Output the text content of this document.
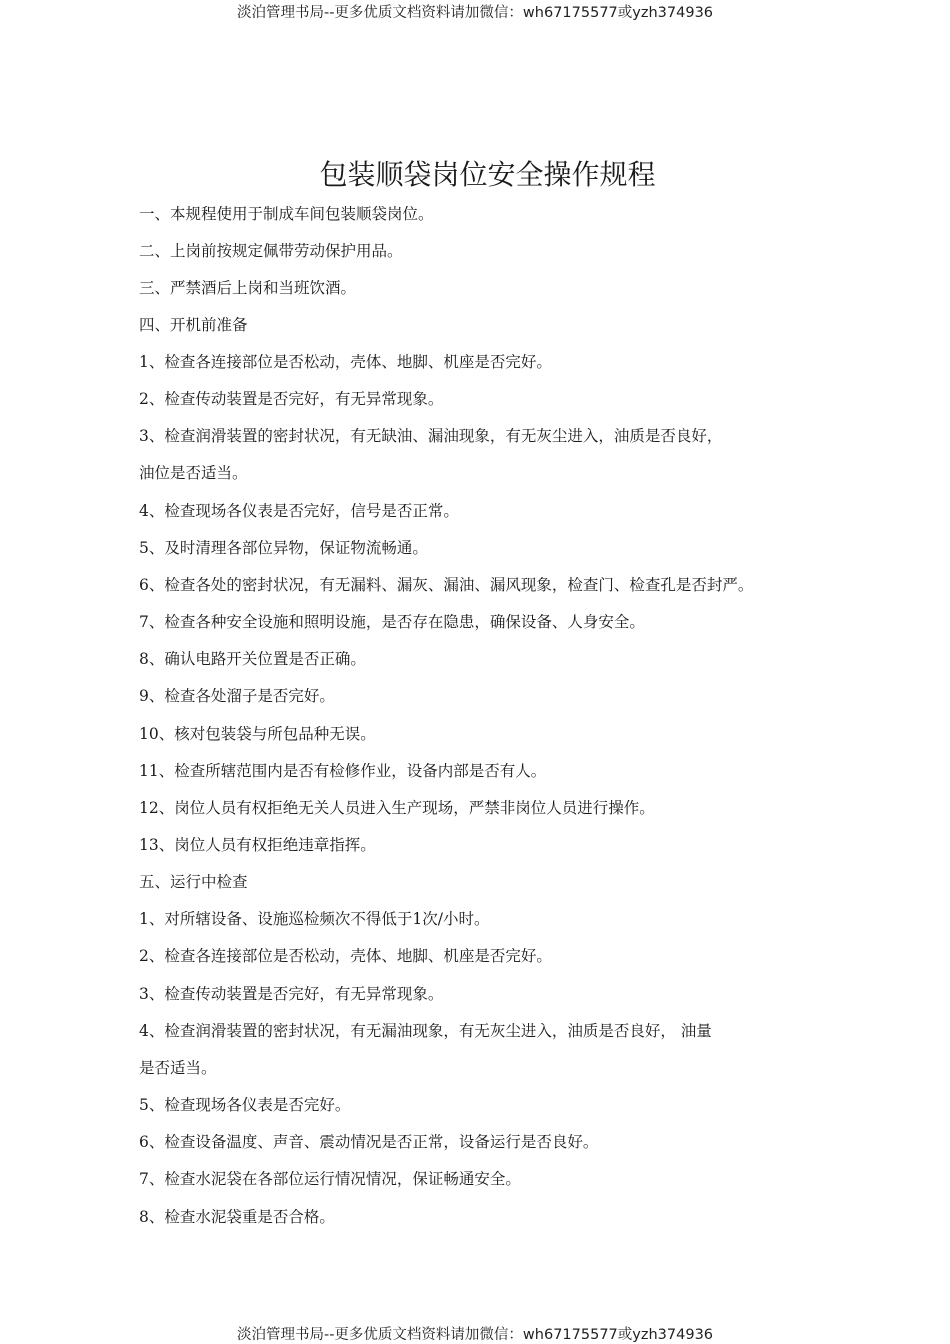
淡泊管理书局--更多优质文档资料请加微信：wh67175577或yzh374936
包装顺袋岗位安全操作规程
一、本规程使用于制成车间包装顺袋岗位。
二、上岗前按规定佩带劳动保护用品。
三、严禁酒后上岗和当班饮酒。
四、开机前准备
1、检查各连接部位是否松动，壳体、地脚、机座是否完好。
2、检查传动装置是否完好，有无异常现象。
3、检查润滑装置的密封状况，有无缺油、漏油现象，有无灰尘进入，油质是否良好，
油位是否适当。
4、检查现场各仪表是否完好，信号是否正常。
5、及时清理各部位异物，保证物流畅通。
6、检查各处的密封状况，有无漏料、漏灰、漏油、漏风现象，检查门、检查孔是否封严。
7、检查各种安全设施和照明设施，是否存在隐患，确保设备、人身安全。
8、确认电路开关位置是否正确。
9、检查各处溜子是否完好。
10、核对包装袋与所包品种无误。
11、检查所辖范围内是否有检修作业，设备内部是否有人。
12、岗位人员有权拒绝无关人员进入生产现场，严禁非岗位人员进行操作。
13、岗位人员有权拒绝违章指挥。
五、运行中检查
1、对所辖设备、设施巡检频次不得低于1次/小时。
2、检查各连接部位是否松动，壳体、地脚、机座是否完好。
3、检查传动装置是否完好，有无异常现象。
4、检查润滑装置的密封状况，有无漏油现象，有无灰尘进入，油质是否良好， 油量
是否适当。
5、检查现场各仪表是否完好。
6、检查设备温度、声音、震动情况是否正常，设备运行是否良好。
7、检查水泥袋在各部位运行情况情况，保证畅通安全。
8、检查水泥袋重是否合格。
淡泊管理书局--更多优质文档资料请加微信：wh67175577或yzh374936
